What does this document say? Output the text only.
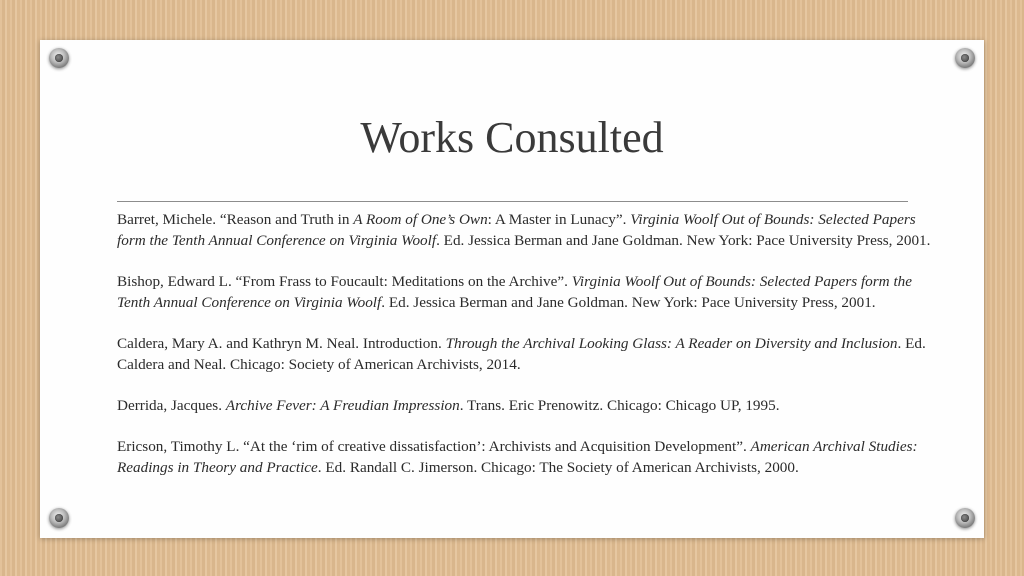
Works Consulted

Barret, Michele. “Reason and Truth in A Room of One’s Own: A Master in Lunacy”. Virginia Woolf Out of Bounds: Selected Papers form the Tenth Annual Conference on Virginia Woolf. Ed. Jessica Berman and Jane Goldman. New York: Pace University Press, 2001.

Bishop, Edward L. “From Frass to Foucault: Meditations on the Archive”. Virginia Woolf Out of Bounds: Selected Papers form the Tenth Annual Conference on Virginia Woolf. Ed. Jessica Berman and Jane Goldman. New York: Pace University Press, 2001.

Caldera, Mary A. and Kathryn M. Neal. Introduction. Through the Archival Looking Glass: A Reader on Diversity and Inclusion. Ed. Caldera and Neal. Chicago: Society of American Archivists, 2014.

Derrida, Jacques. Archive Fever: A Freudian Impression. Trans. Eric Prenowitz. Chicago: Chicago UP, 1995.

Ericson, Timothy L. “At the ‘rim of creative dissatisfaction’: Archivists and Acquisition Development”. American Archival Studies: Readings in Theory and Practice. Ed. Randall C. Jimerson. Chicago: The Society of American Archivists, 2000.
